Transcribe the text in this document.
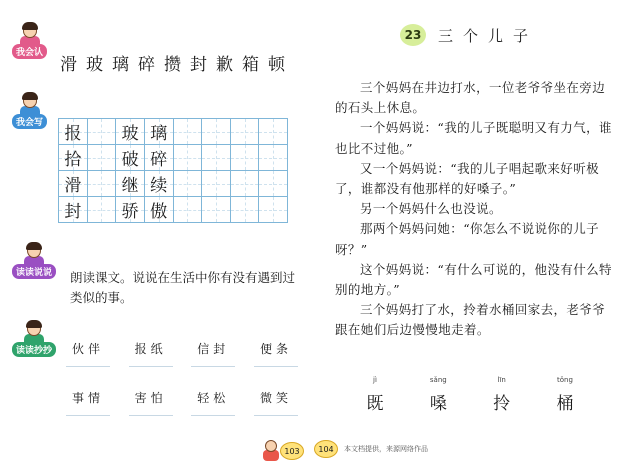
我会认
滑玻璃碎攒封歉箱顿
我会写
报		玻	璃				
拾		破	碎				
滑		继	续				
封		骄	傲				
读读说说	朗读课文。说说在生活中你有没有遇到过类似的事。
读读抄抄	伙伴	报纸	信封	便条
事情	害怕	轻松	微笑
103
23	三个儿子

三个妈妈在井边打水，一位老爷爷坐在旁边的石头上休息。

一个妈妈说：“我的儿子既聪明又有力气，谁也比不过他。”

又一个妈妈说：“我的儿子唱起歌来好听极了，谁都没有他那样的好嗓子。”

另一个妈妈什么也没说。

那两个妈妈问她：“你怎么不说说你的儿子呀？”

这个妈妈说：“有什么可说的，他没有什么特别的地方。”

三个妈妈打了水，拎着水桶回家去，老爷爷跟在她们后边慢慢地走着。

jì
既
sǎng
嗓
līn
拎
tǒng
桶
104	本文档提供，来源网络作品
